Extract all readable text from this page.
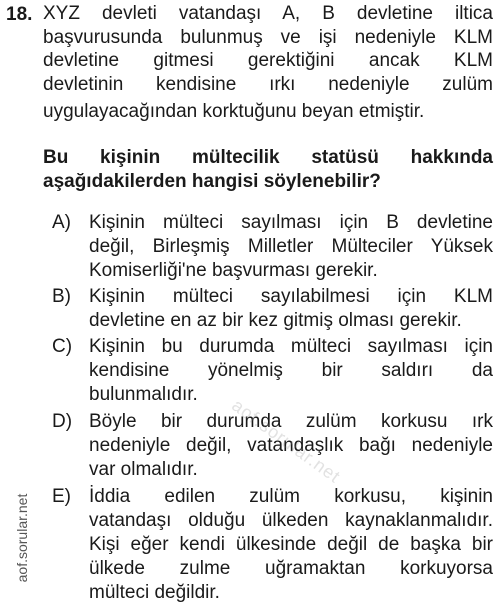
18. XYZ devleti vatandaşı A, B devletine iltica
başvurusunda bulunmuş ve işi nedeniyle KLM
devletine gitmesi gerektiğini ancak KLM
devletinin kendisine ırkı nedeniyle zulüm
uygulayacağından korktuğunu beyan etmiştir.
Bu kişinin mültecilik statüsü hakkında
aşağıdakilerden hangisi söylenebilir?
A) Kişinin mülteci sayılması için B devletine
değil, Birleşmiş Milletler Mülteciler Yüksek
Komiserliği'ne başvurması gerekir.
B) Kişinin mülteci sayılabilmesi için KLM
devletine en az bir kez gitmiş olması gerekir.
C) Kişinin bu durumda mülteci sayılması için
kendisine yönelmiş bir saldırı da
bulunmalıdır.
D) Böyle bir durumda zulüm korkusu ırk
nedeniyle değil, vatandaşlık bağı nedeniyle
var olmalıdır.
E) İddia edilen zulüm korkusu, kişinin
vatandaşı olduğu ülkeden kaynaklanmalıdır.
Kişi eğer kendi ülkesinde değil de başka bir
ülkede zulme uğramaktan korkuyorsa
mülteci değildir.
aof.sorular.net
aof.sorular.net
